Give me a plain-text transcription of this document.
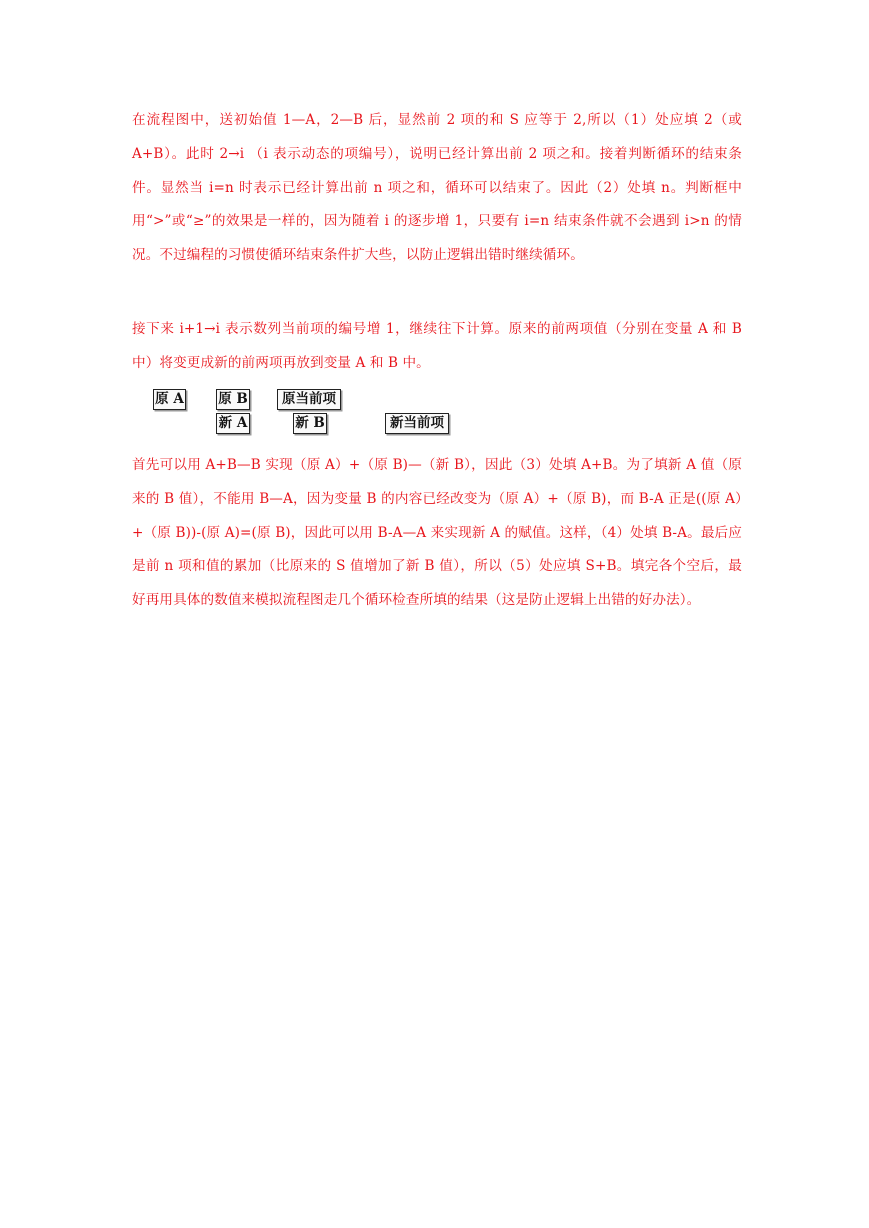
在流程图中，送初始值 1—A，2—B 后，显然前 2 项的和 S 应等于 2,所以（1）处应填 2（或 A+B）。此时 2→i （i 表示动态的项编号），说明已经计算出前 2 项之和。接着判断循环的结束条件。显然当 i=n 时表示已经计算出前 n 项之和，循环可以结束了。因此（2）处填 n。判断框中用“>”或“≥”的效果是一样的，因为随着 i 的逐步增 1，只要有 i=n 结束条件就不会遇到 i>n 的情况。不过编程的习惯使循环结束条件扩大些，以防止逻辑出错时继续循环。

接下来 i+1→i 表示数列当前项的编号增 1，继续往下计算。原来的前两项值（分别在变量 A 和 B 中）将变更成新的前两项再放到变量 A 和 B 中。

原 A	原 B	原当前项
新 A	新 B	新当前项

首先可以用 A+B—B 实现（原 A）+（原 B)—（新 B），因此（3）处填 A+B。为了填新 A 值（原来的 B 值），不能用 B—A，因为变量 B 的内容已经改变为（原 A）+（原 B)，而 B-A 正是((原 A）+（原 B))-(原 A)=(原 B)，因此可以用 B-A—A 来实现新 A 的赋值。这样，（4）处填 B-A。最后应是前 n 项和值的累加（比原来的 S 值增加了新 B 值），所以（5）处应填 S+B。填完各个空后，最好再用具体的数值来模拟流程图走几个循环检查所填的结果（这是防止逻辑上出错的好办法）。
